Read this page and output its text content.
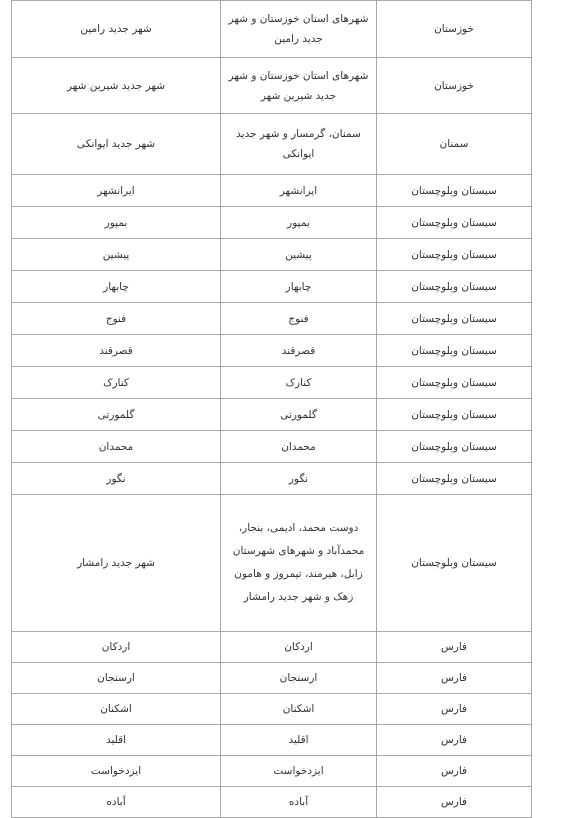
خوزستان	شهرهای استان خوزستان و شهر جدید رامین	شهر جدید رامین
خوزستان	شهرهای استان خوزستان و شهر جدید شیرین شهر	شهر جدید شیرین شهر
سمنان	سمنان، گرمسار و شهر جدید ایوانکی	شهر جدید ایوانکی
سیستان وبلوچستان	ایرانشهر	ایرانشهر
سیستان وبلوچستان	بمپور	بمپور
سیستان وبلوچستان	پیشین	پیشین
سیستان وبلوچستان	چابهار	چابهار
سیستان وبلوچستان	فنوج	فنوج
سیستان وبلوچستان	قصرقند	قصرقند
سیستان وبلوچستان	کنارک	کنارک
سیستان وبلوچستان	گلمورتی	گلمورتی
سیستان وبلوچستان	محمدان	محمدان
سیستان وبلوچستان	نگور	نگور
سیستان وبلوچستان	دوست محمد، ادیمی، بنجار، محمدآباد و شهرهای شهرستان زابل، هیرمند، تیمروز و هامون زهک و شهر جدید رامشار	شهر جدید رامشار
فارس	اردکان	اردکان
فارس	ارسنجان	ارسنجان
فارس	اشکنان	اشکنان
فارس	اقلید	اقلید
فارس	ایزدخواست	ایزدخواست
فارس	آباده	آباده
